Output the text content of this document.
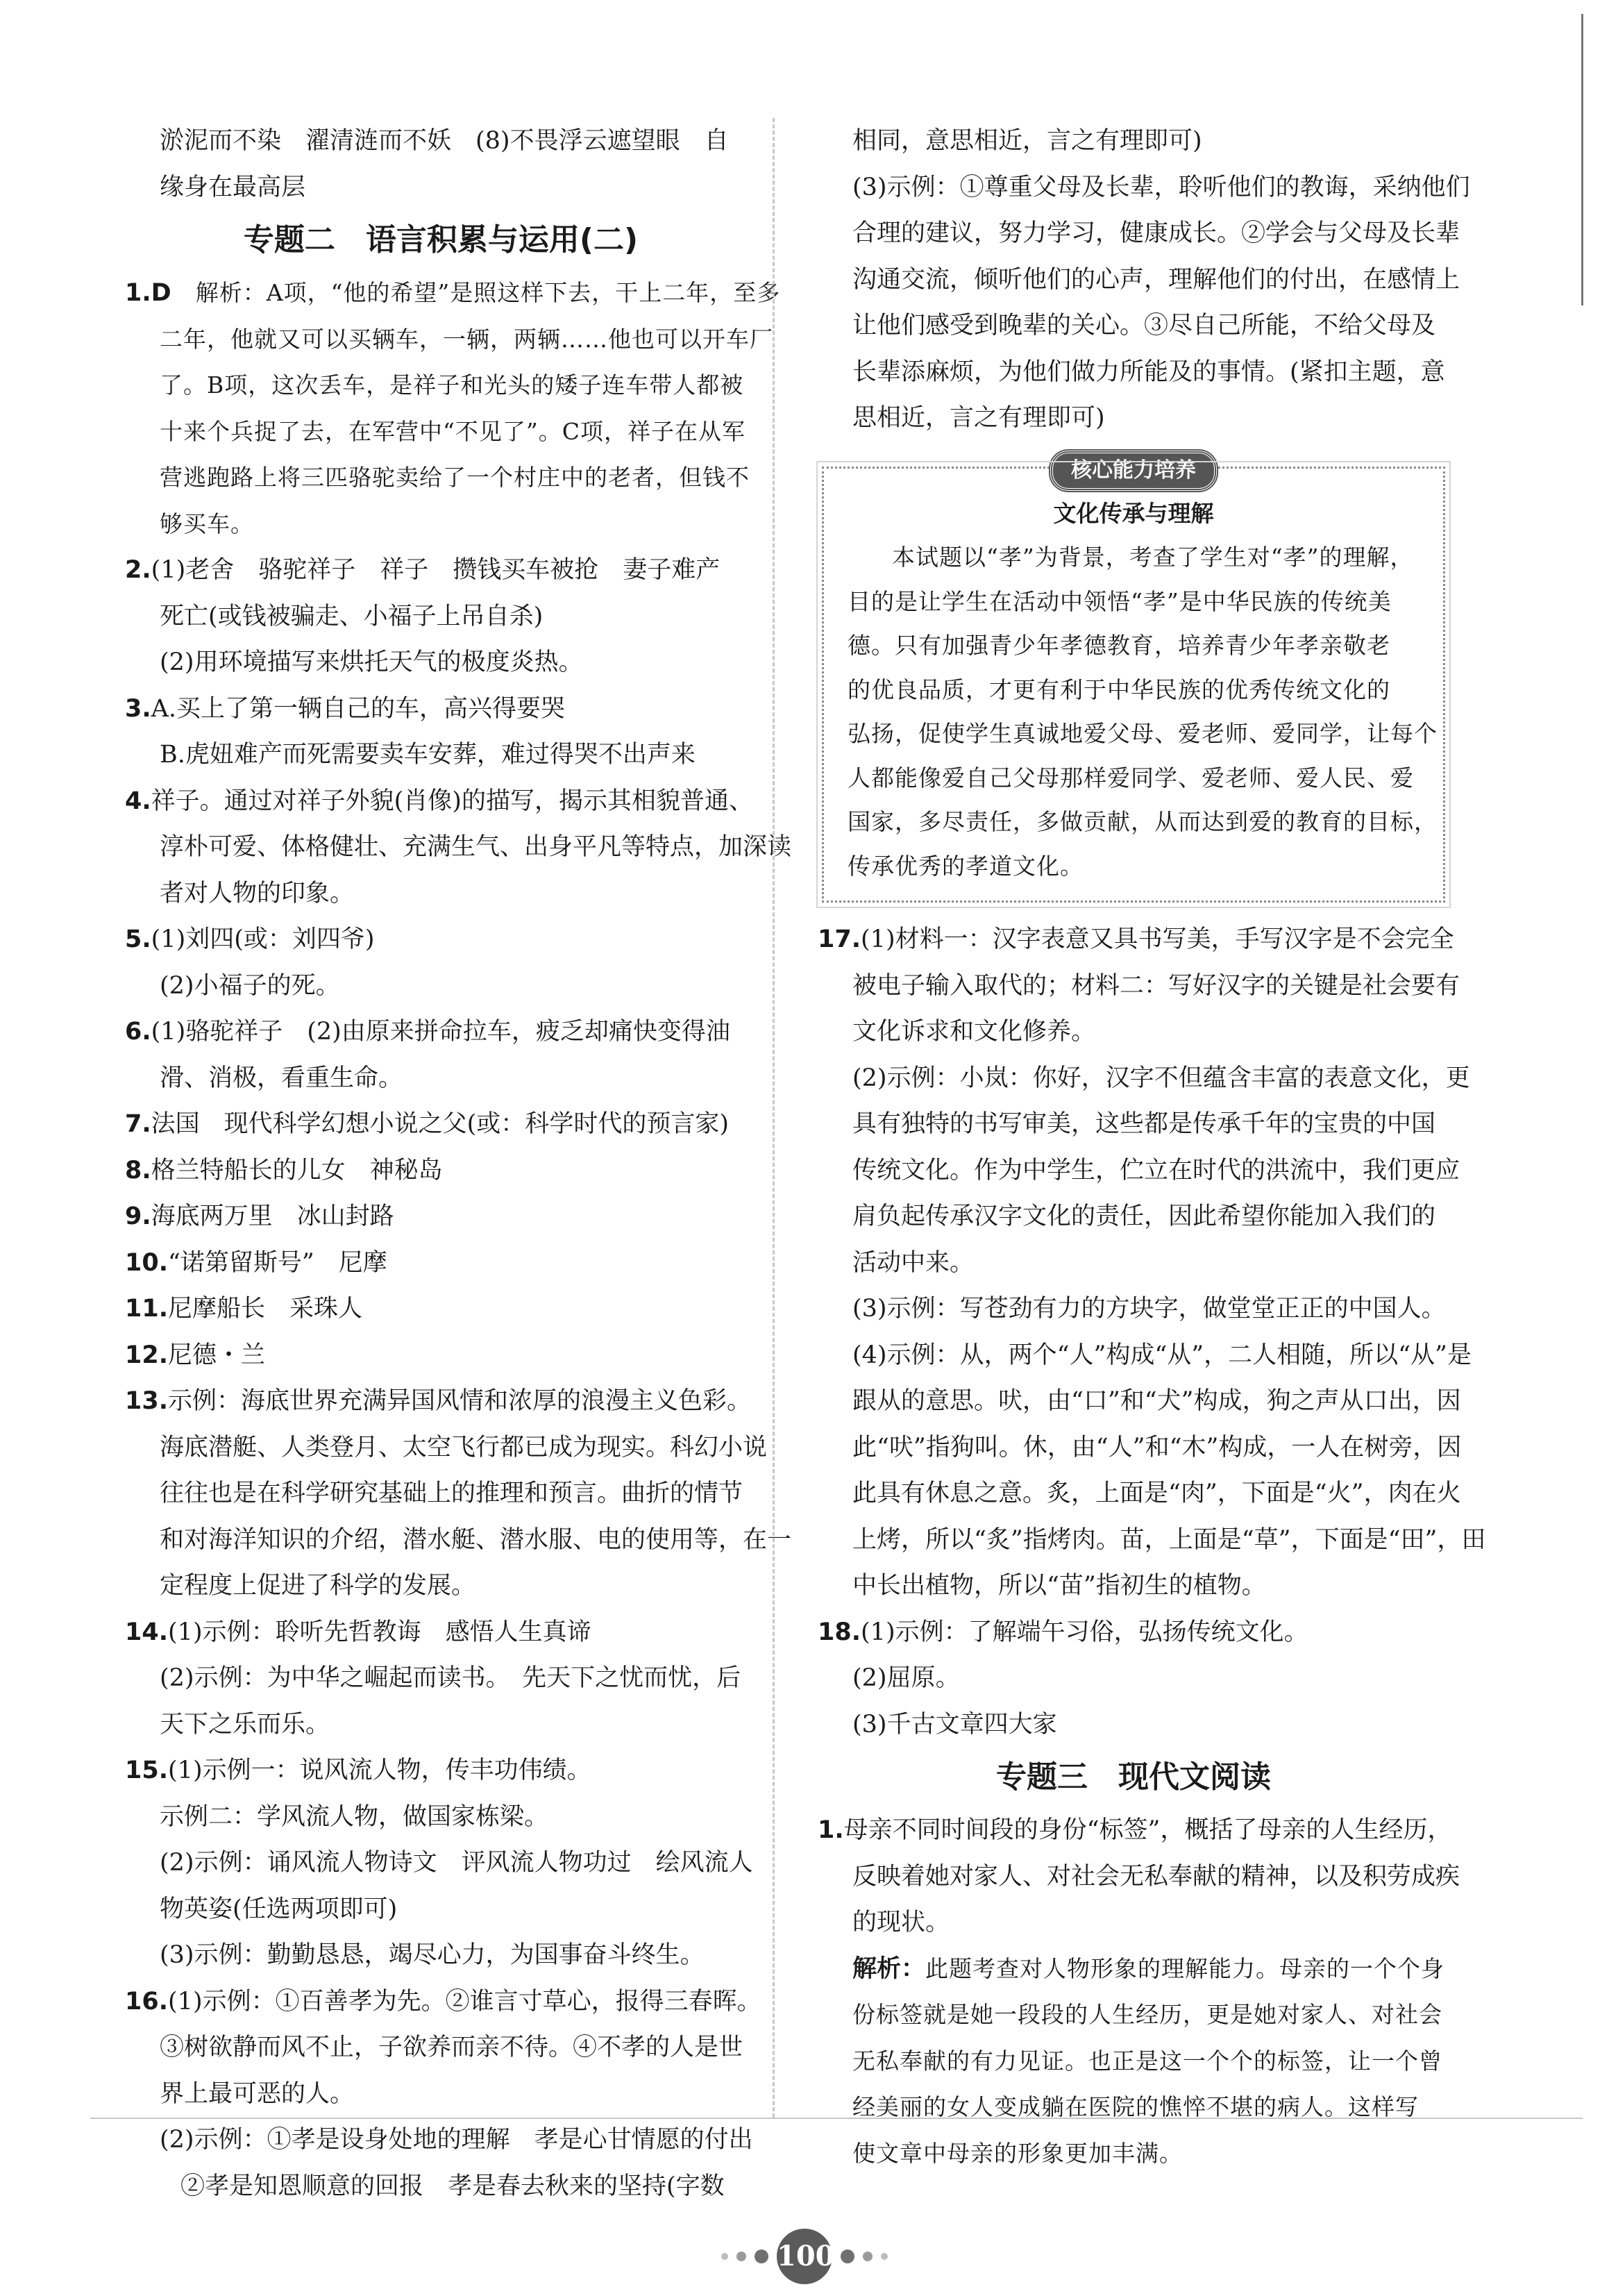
淤泥而不染　濯清涟而不妖　(8)不畏浮云遮望眼　自
缘身在最高层
专题二　语言积累与运用(二)
1.D　 解析：A项，“他的希望”是照这样下去，干上二年，至多
二年，他就又可以买辆车，一辆，两辆……他也可以开车厂
了。B项，这次丢车，是祥子和光头的矮子连车带人都被
十来个兵捉了去，在军营中“不见了”。C项，祥子在从军
营逃跑路上将三匹骆驼卖给了一个村庄中的老者，但钱不
够买车。
2.(1)老舍　骆驼祥子　祥子　攒钱买车被抢　妻子难产
死亡(或钱被骗走、小福子上吊自杀)
(2)用环境描写来烘托天气的极度炎热。
3.A.买上了第一辆自己的车，高兴得要哭
B.虎妞难产而死需要卖车安葬，难过得哭不出声来
4.祥子。通过对祥子外貌(肖像)的描写，揭示其相貌普通、
淳朴可爱、体格健壮、充满生气、出身平凡等特点，加深读
者对人物的印象。
5.(1)刘四(或：刘四爷)
(2)小福子的死。
6.(1)骆驼祥子　(2)由原来拼命拉车，疲乏却痛快变得油
滑、消极，看重生命。
7.法国　现代科学幻想小说之父(或：科学时代的预言家)
8.格兰特船长的儿女　神秘岛
9.海底两万里　冰山封路
10.“诺第留斯号”　尼摩
11.尼摩船长　采珠人
12.尼德・兰
13.示例：海底世界充满异国风情和浓厚的浪漫主义色彩。
海底潜艇、人类登月、太空飞行都已成为现实。科幻小说
往往也是在科学研究基础上的推理和预言。曲折的情节
和对海洋知识的介绍，潜水艇、潜水服、电的使用等，在一
定程度上促进了科学的发展。
14.(1)示例：聆听先哲教诲　感悟人生真谛
(2)示例：为中华之崛起而读书。　先天下之忧而忧，后
天下之乐而乐。
15.(1)示例一：说风流人物，传丰功伟绩。
示例二：学风流人物，做国家栋梁。
(2)示例：诵风流人物诗文　评风流人物功过　绘风流人
物英姿(任选两项即可)
(3)示例：勤勤恳恳，竭尽心力，为国事奋斗终生。
16.(1)示例：①百善孝为先。②谁言寸草心，报得三春晖。
③树欲静而风不止，子欲养而亲不待。④不孝的人是世
界上最可恶的人。
(2)示例：①孝是设身处地的理解　孝是心甘情愿的付出
②孝是知恩顺意的回报　孝是春去秋来的坚持(字数
相同，意思相近，言之有理即可)
(3)示例：①尊重父母及长辈，聆听他们的教诲，采纳他们
合理的建议，努力学习，健康成长。②学会与父母及长辈
沟通交流，倾听他们的心声，理解他们的付出，在感情上
让他们感受到晚辈的关心。③尽自己所能，不给父母及
长辈添麻烦，为他们做力所能及的事情。(紧扣主题，意
思相近，言之有理即可)
核心能力培养
文化传承与理解
本试题以“孝”为背景，考查了学生对“孝”的理解，
目的是让学生在活动中领悟“孝”是中华民族的传统美
德。只有加强青少年孝德教育，培养青少年孝亲敬老
的优良品质，才更有利于中华民族的优秀传统文化的
弘扬，促使学生真诚地爱父母、爱老师、爱同学，让每个
人都能像爱自己父母那样爱同学、爱老师、爱人民、爱
国家，多尽责任，多做贡献，从而达到爱的教育的目标，
传承优秀的孝道文化。
17.(1)材料一：汉字表意又具书写美，手写汉字是不会完全
被电子输入取代的；材料二：写好汉字的关键是社会要有
文化诉求和文化修养。
(2)示例：小岚：你好，汉字不但蕴含丰富的表意文化，更
具有独特的书写审美，这些都是传承千年的宝贵的中国
传统文化。作为中学生，伫立在时代的洪流中，我们更应
肩负起传承汉字文化的责任，因此希望你能加入我们的
活动中来。
(3)示例：写苍劲有力的方块字，做堂堂正正的中国人。
(4)示例：从，两个“人”构成“从”，二人相随，所以“从”是
跟从的意思。吠，由“口”和“犬”构成，狗之声从口出，因
此“吠”指狗叫。休，由“人”和“木”构成，一人在树旁，因
此具有休息之意。炙，上面是“肉”，下面是“火”，肉在火
上烤，所以“炙”指烤肉。苗，上面是“草”，下面是“田”，田
中长出植物，所以“苗”指初生的植物。
18.(1)示例：了解端午习俗，弘扬传统文化。
(2)屈原。
(3)千古文章四大家
专题三　现代文阅读
1.母亲不同时间段的身份“标签”，概括了母亲的人生经历，
反映着她对家人、对社会无私奉献的精神，以及积劳成疾
的现状。
解析：此题考查对人物形象的理解能力。母亲的一个个身
份标签就是她一段段的人生经历，更是她对家人、对社会
无私奉献的有力见证。也正是这一个个的标签，让一个曾
经美丽的女人变成躺在医院的憔悴不堪的病人。这样写
使文章中母亲的形象更加丰满。
100
